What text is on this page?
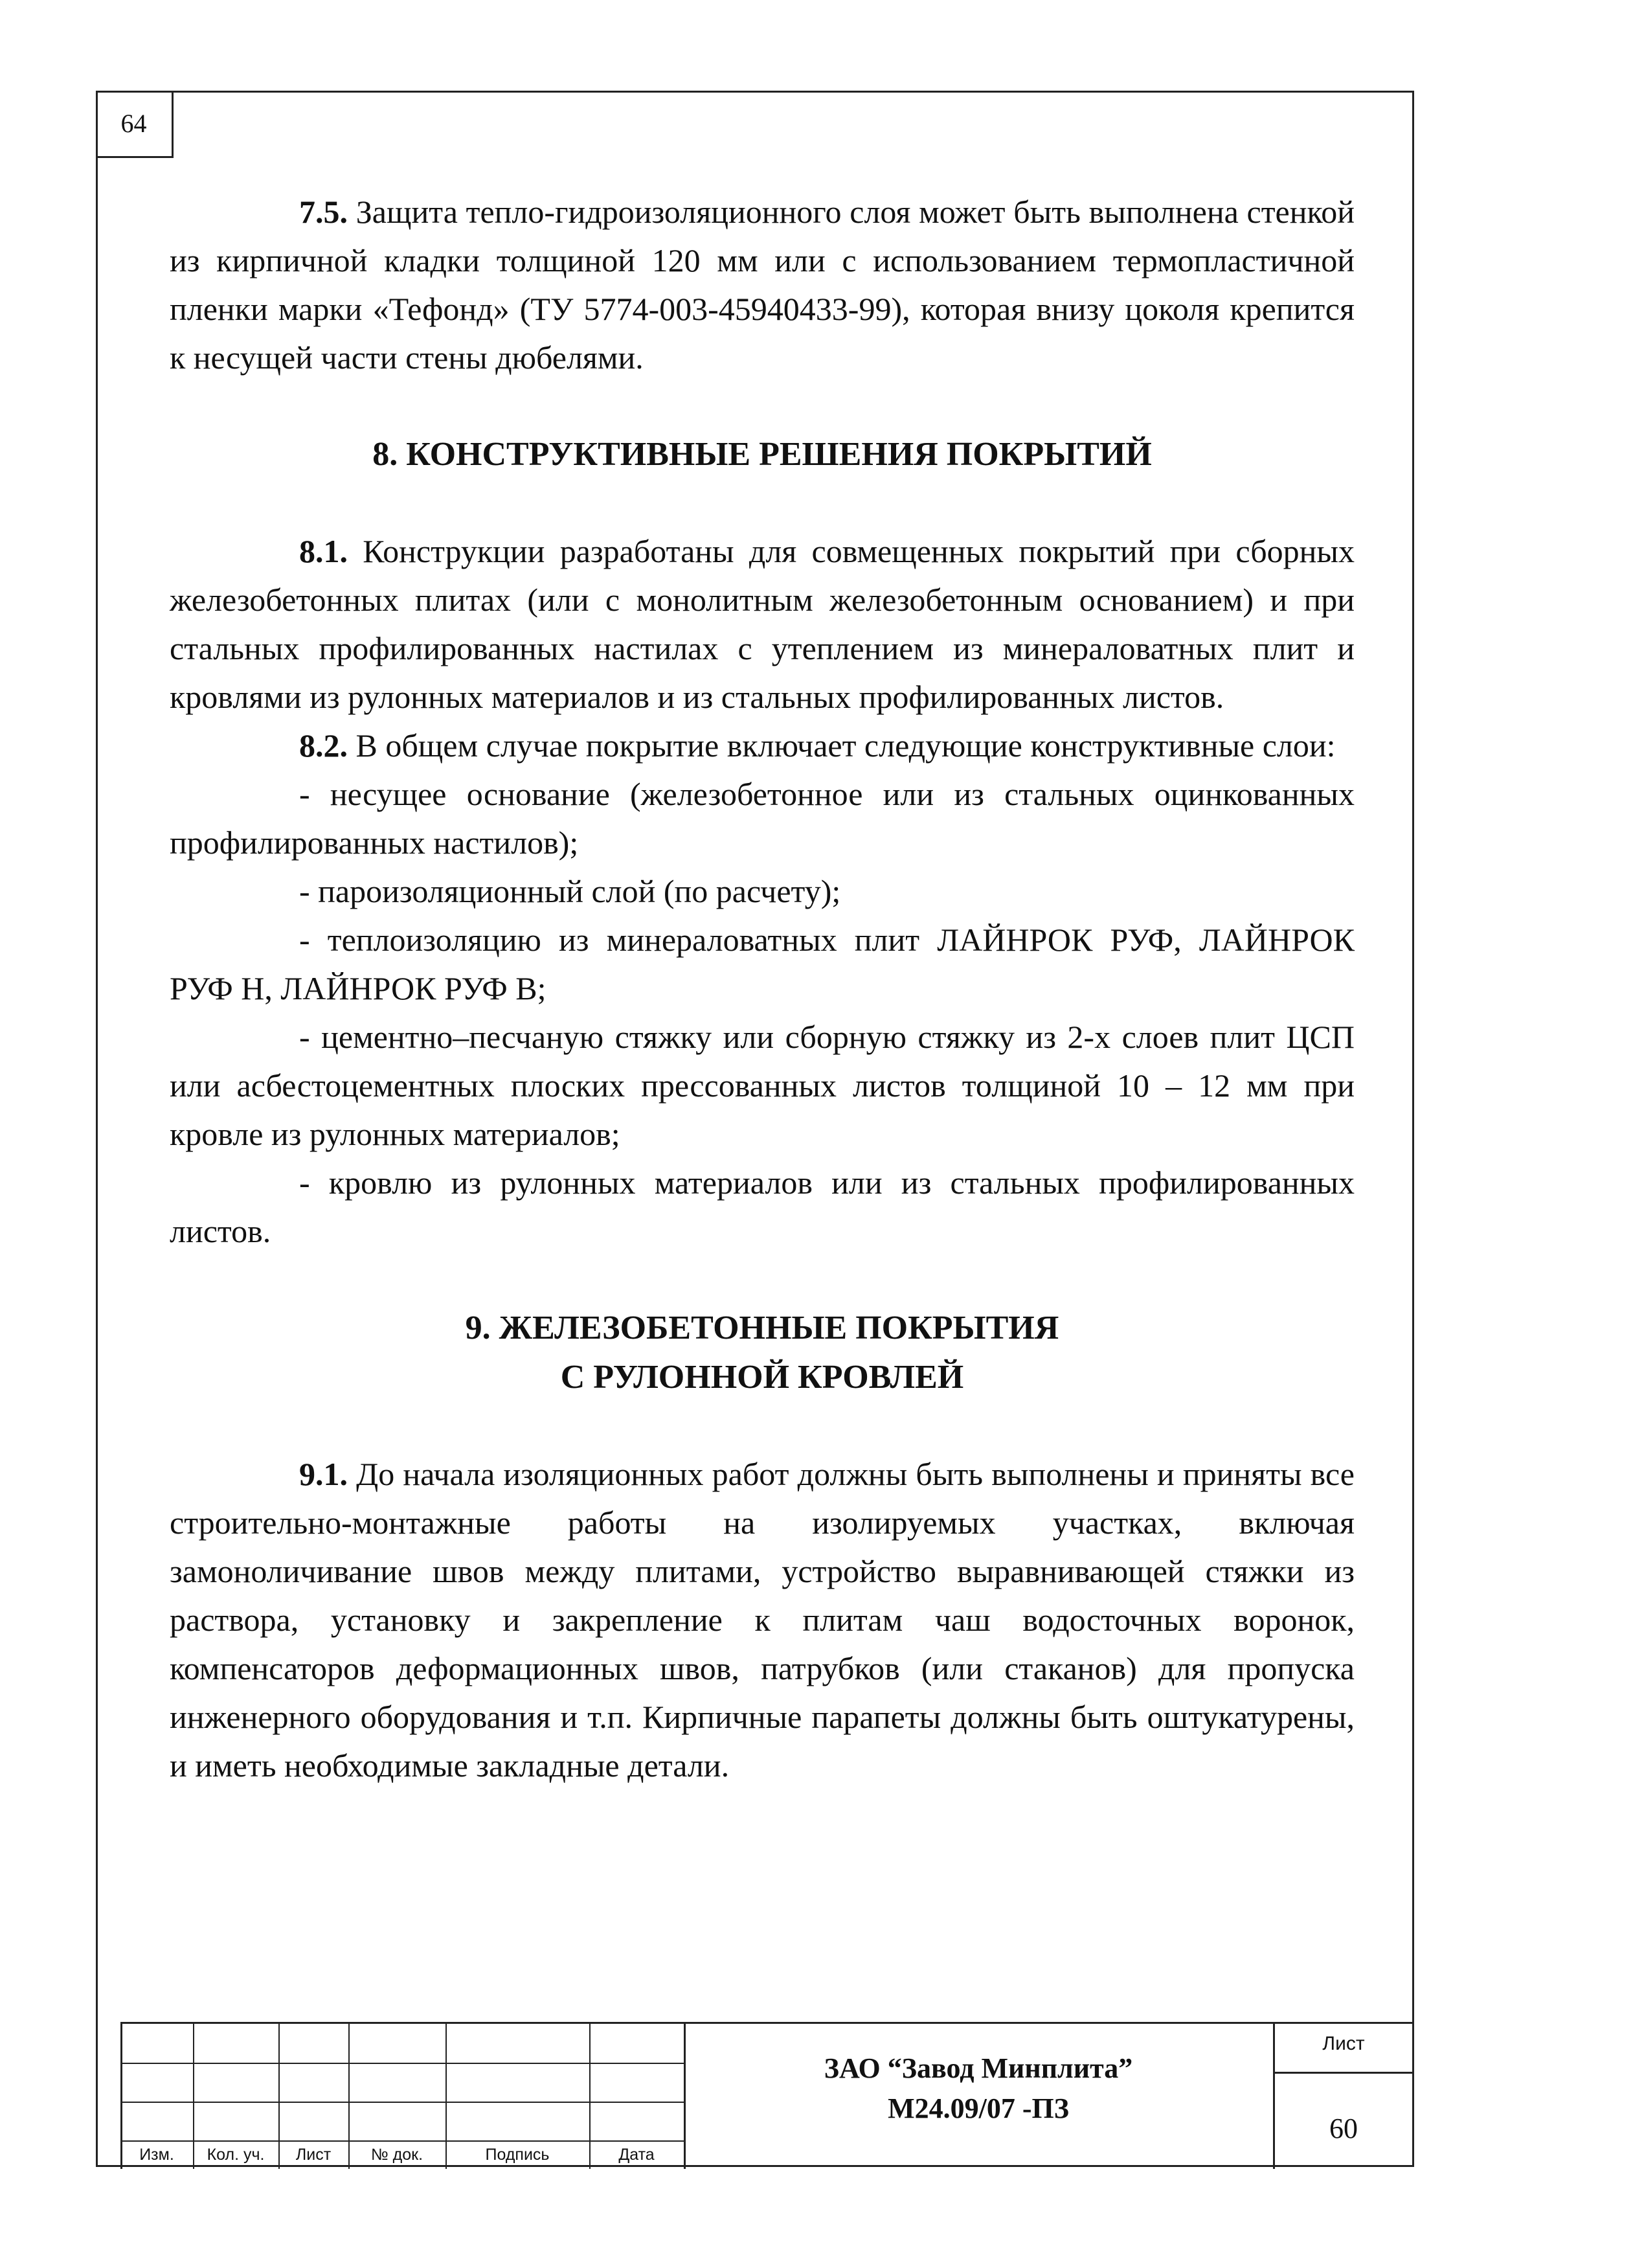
64

7.5. Защита тепло-гидроизоляционного слоя может быть выполнена стенкой из кирпичной кладки толщиной 120 мм или с использованием термопластичной пленки марки «Тефонд» (ТУ 5774-003-45940433-99), которая внизу цоколя крепится к несущей части стены дюбелями.

8. КОНСТРУКТИВНЫЕ РЕШЕНИЯ ПОКРЫТИЙ

8.1. Конструкции разработаны для совмещенных покрытий при сборных железобетонных плитах (или с монолитным железобетонным основанием) и при стальных профилированных настилах с утеплением из минераловатных плит и кровлями из рулонных материалов и из стальных профилированных листов.

8.2. В общем случае покрытие включает следующие конструктивные слои:

- несущее основание (железобетонное или из стальных оцинкованных профилированных настилов);

- пароизоляционный слой (по расчету);

- теплоизоляцию из минераловатных плит ЛАЙНРОК РУФ, ЛАЙНРОК РУФ Н, ЛАЙНРОК РУФ В;

- цементно–песчаную стяжку или сборную стяжку из 2-х слоев плит ЦСП или асбестоцементных плоских прессованных листов толщиной 10 – 12 мм при кровле из рулонных материалов;

- кровлю из рулонных материалов или из стальных профилированных листов.

9. ЖЕЛЕЗОБЕТОННЫЕ ПОКРЫТИЯ

С РУЛОННОЙ КРОВЛЕЙ

9.1. До начала изоляционных работ должны быть выполнены и приняты все строительно-монтажные работы на изолируемых участках, включая замоноличивание швов между плитами, устройство выравнивающей стяжки из раствора, установку и закрепление к плитам чаш водосточных воронок, компенсаторов деформационных швов, патрубков (или стаканов) для пропуска инженерного оборудования и т.п. Кирпичные парапеты должны быть оштукатурены, и иметь необходимые закладные детали.

Изм.	Кол. уч.	Лист	№ док.	Подпись	Дата
ЗАО “Завод Минплита”
М24.09/07 -ПЗ
Лист
60
